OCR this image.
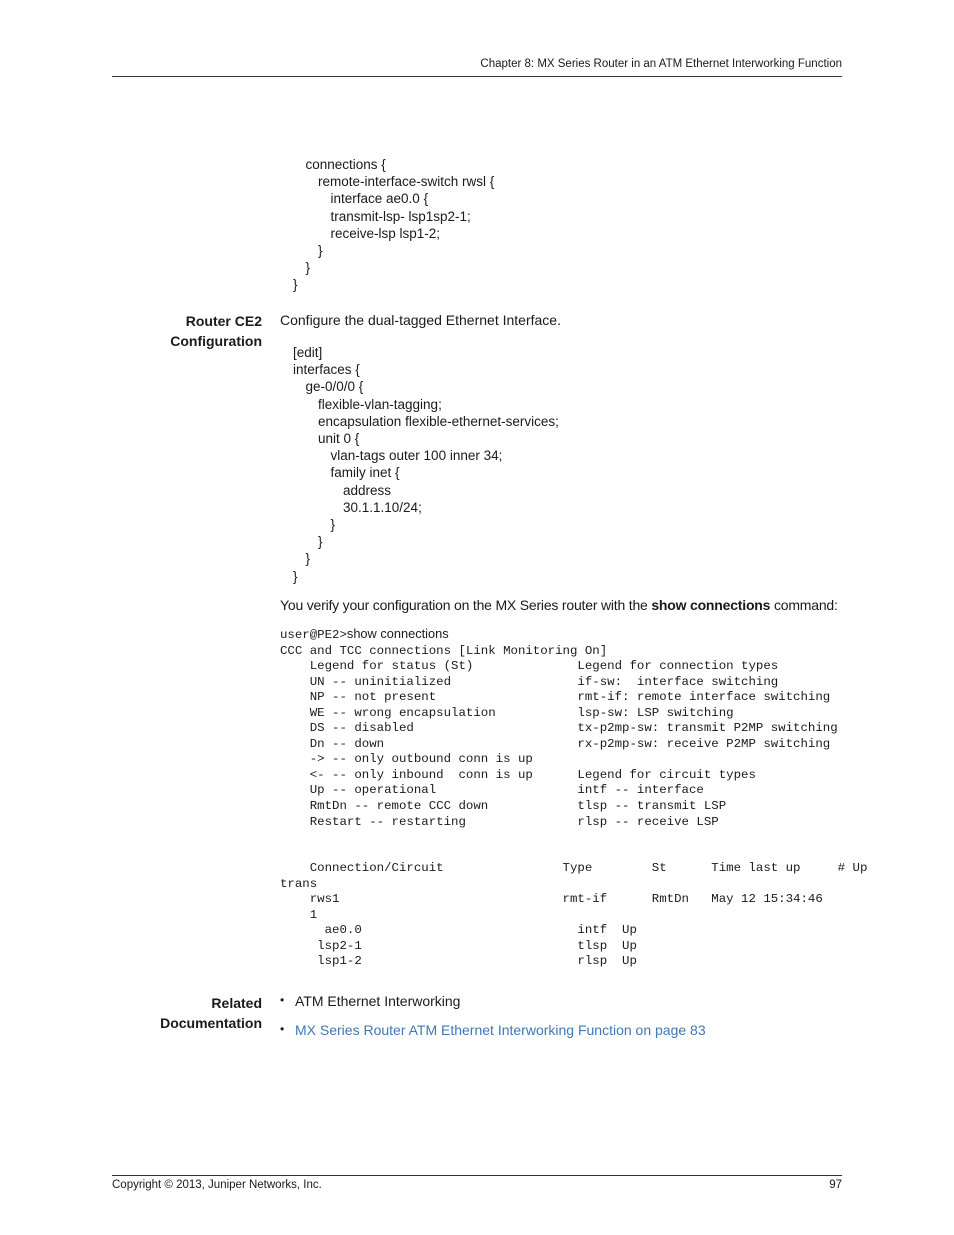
Chapter 8: MX Series Router in an ATM Ethernet Interworking Function
connections {
remote-interface-switch rwsl {
interface ae0.0 {
transmit-lsp- lsp1sp2-1;
receive-lsp lsp1-2;
}
}
}
Router CE2
Configuration
Configure the dual-tagged Ethernet Interface.
[edit]
interfaces {
ge-0/0/0 {
flexible-vlan-tagging;
encapsulation flexible-ethernet-services;
unit 0 {
vlan-tags outer 100 inner 34;
family inet {
address
30.1.1.10/24;
}
}
}
}
You verify your configuration on the MX Series router with the show connections command:
user@PE2>show connections
CCC and TCC connections [Link Monitoring On]
Legend for status (St)              Legend for connection types
UN -- uninitialized                 if-sw:  interface switching
NP -- not present                   rmt-if: remote interface switching
WE -- wrong encapsulation           lsp-sw: LSP switching
DS -- disabled                      tx-p2mp-sw: transmit P2MP switching
Dn -- down                          rx-p2mp-sw: receive P2MP switching
-> -- only outbound conn is up
<- -- only inbound  conn is up      Legend for circuit types
Up -- operational                   intf -- interface
RmtDn -- remote CCC down            tlsp -- transmit LSP
Restart -- restarting               rlsp -- receive LSP

Connection/Circuit                Type        St      Time last up     # Up
trans
rws1                              rmt-if      RmtDn   May 12 15:34:46
1
ae0.0                             intf  Up
lsp2-1                             tlsp  Up
lsp1-2                             rlsp  Up
Related
Documentation
• ATM Ethernet Interworking
• MX Series Router ATM Ethernet Interworking Function on page 83
Copyright © 2013, Juniper Networks, Inc.	97
